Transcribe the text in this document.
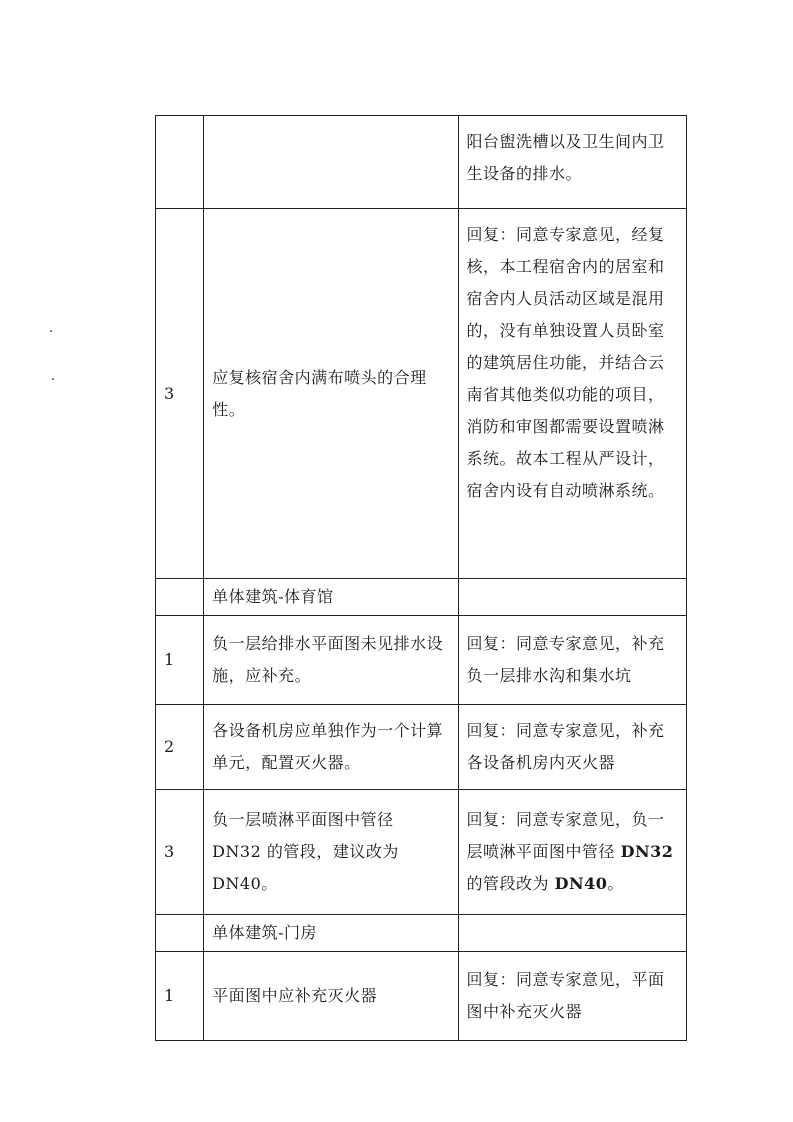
		阳台盥洗槽以及卫生间内卫生设备的排水。
3	应复核宿舍内满布喷头的合理性。	回复：同意专家意见，经复核，本工程宿舍内的居室和宿舍内人员活动区域是混用的，没有单独设置人员卧室的建筑居住功能，并结合云南省其他类似功能的项目，消防和审图都需要设置喷淋系统。故本工程从严设计，宿舍内设有自动喷淋系统。
	单体建筑-体育馆	
1	负一层给排水平面图未见排水设施，应补充。	回复：同意专家意见，补充负一层排水沟和集水坑
2	各设备机房应单独作为一个计算单元，配置灭火器。	回复：同意专家意见，补充各设备机房内灭火器
3	负一层喷淋平面图中管径
DN32 的管段，建议改为
DN40。	回复：同意专家意见，负一层喷淋平面图中管径 DN32的管段改为 DN40。
	单体建筑-门房	
1	平面图中应补充灭火器	回复：同意专家意见，平面图中补充灭火器
